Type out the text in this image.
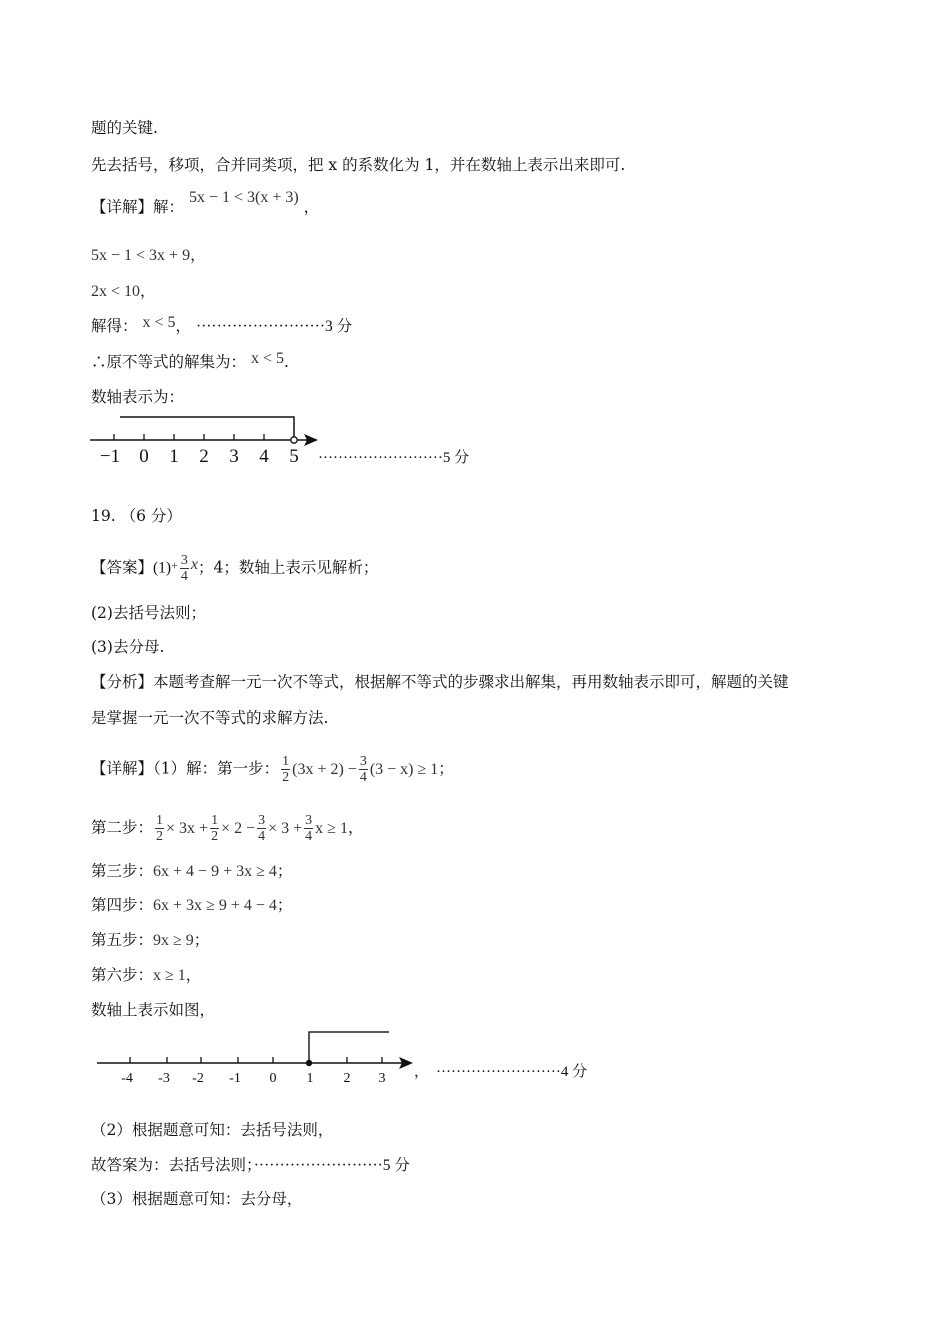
题的关键.
先去括号，移项，合并同类项，把 x 的系数化为 1，并在数轴上表示出来即可.
【详解】解： 5x − 1 < 3(x + 3) ，
5x − 1 < 3x + 9，
2x < 10，
解得： x < 5， ·························3 分
∴原不等式的解集为： x < 5.
数轴表示为：
−1 0 1 2 3 4 5 ·························5 分
19. （6 分）
【答案】$(1)+ \frac{3}{4}$ x；4；数轴上表示见解析；
(2)去括号法则；
(3)去分母.
【分析】本题考查解一元一次不等式，根据解不等式的步骤求出解集，再用数轴表示即可，解题的关键
是掌握一元一次不等式的求解方法.
【详解】（1）解：第一步： $\frac{1}{2} (3x + 2) - \frac{3}{4} (3 - x) \ge 1$；
第二步： $\frac{1}{2} \times 3x + \frac{1}{2} \times 2 - \frac{3}{4} \times 3 + \frac{3}{4}$ x ≥ 1，
第三步：6x + 4 − 9 + 3x ≥ 4；
第四步：6x + 3x ≥ 9 + 4 − 4；
第五步：9x ≥ 9；
第六步：x ≥ 1，
数轴上表示如图，
-4 -3 -2 -1 0 1 2 3 ， ·························4 分
（2）根据题意可知：去括号法则，
故答案为：去括号法则；·························5 分
（3）根据题意可知：去分母，
